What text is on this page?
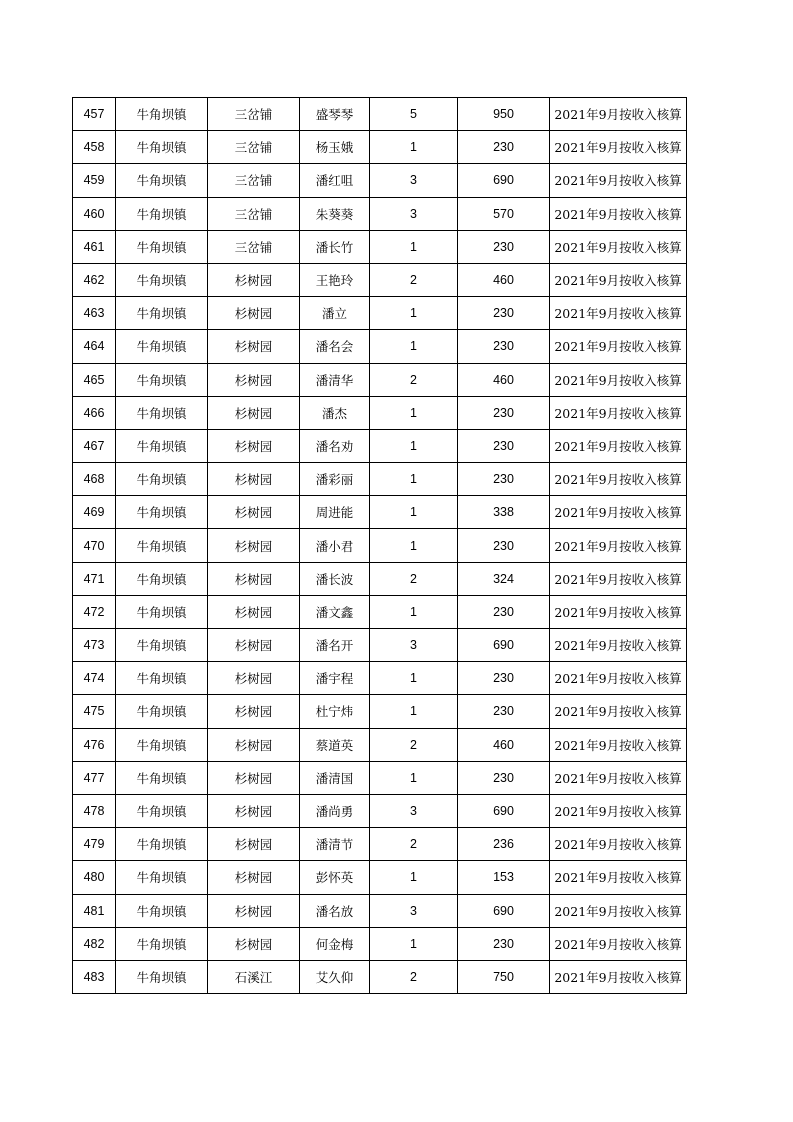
457	牛角坝镇	三岔铺	盛琴琴	5	950	2021年9月按收入核算
458	牛角坝镇	三岔铺	杨玉娥	1	230	2021年9月按收入核算
459	牛角坝镇	三岔铺	潘红咀	3	690	2021年9月按收入核算
460	牛角坝镇	三岔铺	朱葵葵	3	570	2021年9月按收入核算
461	牛角坝镇	三岔铺	潘长竹	1	230	2021年9月按收入核算
462	牛角坝镇	杉树园	王艳玲	2	460	2021年9月按收入核算
463	牛角坝镇	杉树园	潘立	1	230	2021年9月按收入核算
464	牛角坝镇	杉树园	潘名会	1	230	2021年9月按收入核算
465	牛角坝镇	杉树园	潘清华	2	460	2021年9月按收入核算
466	牛角坝镇	杉树园	潘杰	1	230	2021年9月按收入核算
467	牛角坝镇	杉树园	潘名劝	1	230	2021年9月按收入核算
468	牛角坝镇	杉树园	潘彩丽	1	230	2021年9月按收入核算
469	牛角坝镇	杉树园	周进能	1	338	2021年9月按收入核算
470	牛角坝镇	杉树园	潘小君	1	230	2021年9月按收入核算
471	牛角坝镇	杉树园	潘长波	2	324	2021年9月按收入核算
472	牛角坝镇	杉树园	潘文鑫	1	230	2021年9月按收入核算
473	牛角坝镇	杉树园	潘名开	3	690	2021年9月按收入核算
474	牛角坝镇	杉树园	潘宇程	1	230	2021年9月按收入核算
475	牛角坝镇	杉树园	杜宁炜	1	230	2021年9月按收入核算
476	牛角坝镇	杉树园	蔡道英	2	460	2021年9月按收入核算
477	牛角坝镇	杉树园	潘清国	1	230	2021年9月按收入核算
478	牛角坝镇	杉树园	潘尚勇	3	690	2021年9月按收入核算
479	牛角坝镇	杉树园	潘清节	2	236	2021年9月按收入核算
480	牛角坝镇	杉树园	彭怀英	1	153	2021年9月按收入核算
481	牛角坝镇	杉树园	潘名放	3	690	2021年9月按收入核算
482	牛角坝镇	杉树园	何金梅	1	230	2021年9月按收入核算
483	牛角坝镇	石溪江	艾久仰	2	750	2021年9月按收入核算
